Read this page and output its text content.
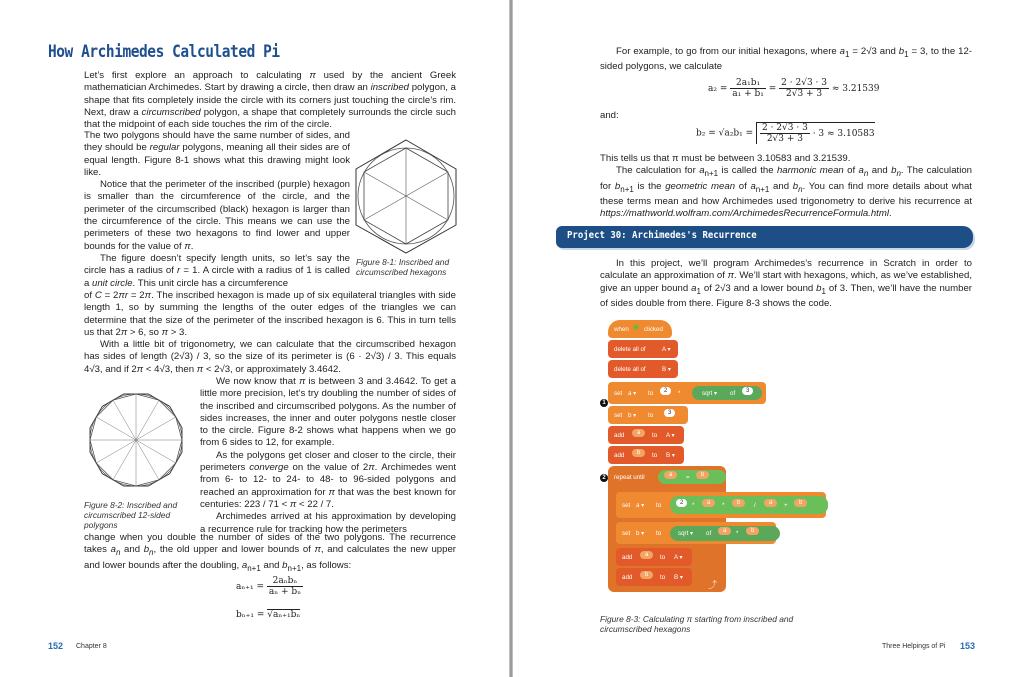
How Archimedes Calculated Pi

Let’s first explore an approach to calculating π used by the ancient Greek mathematician Archimedes. Start by drawing a circle, then draw an inscribed polygon, a shape that fits completely inside the circle with its corners just touching the circle’s rim. Next, draw a circumscribed polygon, a shape that completely surrounds the circle such that the midpoint of each side touches the rim of the circle.

The two polygons should have the same number of sides, and they should be regular polygons, meaning all their sides are of equal length. Figure 8-1 shows what this drawing might look like.

Notice that the perimeter of the inscribed (purple) hexagon is smaller than the circumference of the circle, and the perimeter of the circumscribed (black) hexagon is larger than the circumference of the circle. This means we can use the perimeters of these two hexagons to find lower and upper bounds for the value of π.

The figure doesn’t specify length units, so let’s say the circle has a radius of r = 1. A circle with a radius of 1 is called a unit circle. This unit circle has a circumference

of C = 2πr = 2π. The inscribed hexagon is made up of six equilateral triangles with side length 1, so by summing the lengths of the outer edges of the triangles we can determine that the size of the perimeter of the inscribed hexagon is 6. This in turn tells us that 2π > 6, so π > 3.

With a little bit of trigonometry, we can calculate that the circumscribed hexagon has sides of length (2√3) / 3, so the size of its perimeter is (6 · 2√3) / 3. This equals 4√3, and if 2π < 4√3, then π < 2√3, or approximately 3.4642.

We now know that π is between 3 and 3.4642. To get a little more precision, let’s try doubling the number of sides of the inscribed and circumscribed polygons. As the number of sides increases, the inner and outer polygons nestle closer to the circle. Figure 8-2 shows what happens when we go from 6 sides to 12, for example.

As the polygons get closer and closer to the circle, their perimeters converge on the value of 2π. Archimedes went from 6- to 12- to 24- to 48- to 96-sided polygons and reached an approximation for π that was the best known for centuries: 223 / 71 < π < 22 / 7.

Archimedes arrived at his approximation by developing a recurrence rule for tracking how the perimeters

change when you double the number of sides of the two polygons. The recurrence takes $a_n$ and $b_n$, the old upper and lower bounds of π, and calculates the new upper and lower bounds after the doubling, $a_{n+1}$ and $b_{n+1}$, as follows:

Figure 8-1: Inscribed and circumscribed hexagons
Figure 8-2: Inscribed and circumscribed 12-sided polygons
$a_{n+1} = \frac{\text{2aₙbₙ}}{\text{aₙ + bₙ}}$
bₙ₊₁ = √aₙ₊₁bₙ
152 Chapter 8

For example, to go from our initial hexagons, where $a_1 = 2√3$ and $b_1 = 3$, to the 12-sided polygons, we calculate

$a_2 = \frac{\text{2a₁b₁}}{\text{a₁ + b₁}} = \frac{2 \cdot 2√3 \cdot 3}{2√3 + 3} \approx 3.21539$
and:
$b_2 = √a_2b_1 = \frac{2 \cdot 2√3 \cdot 3}{2√3 + 3} \cdot 3 \approx 3.10583$

This tells us that π must be between 3.10583 and 3.21539.

The calculation for $a_{n+1}$ is called the harmonic mean of $a_n$ and $b_n$. The calculation for $b_{n+1}$ is the geometric mean of $a_{n+1}$ and $b_n$. You can find more details about what these terms mean and how Archimedes used trigonometry to derive his recurrence at https://mathworld.wolfram.com/ArchimedesRecurrenceFormula.html.

Project 30: Archimedes's Recurrence

In this project, we’ll program Archimedes’s recurrence in Scratch in order to calculate an approximation of π. We’ll start with hexagons, which, as we’ve established, give an upper bound $a_1$ of 2√3 and a lower bound $b_1$ of 3. Then, we’ll have the number of sides double from there. Figure 8-3 shows the code.

when ⚑ clicked
delete all of	A ▾
delete all of	B ▾
1
set a ▾ to	2	*	sqrt ▾ of	3
set b ▾ to	3
add	a	to A ▾
add	b	to B ▾
2	repeat until	a	=	b
⤴
set a ▾ to	2	*	a	*	b	/	a	+	b
set b ▾ to	sqrt ▾ of	a	*	b
add	a	to A ▾
add	b	to B ▾
Figure 8-3: Calculating π starting from inscribed and circumscribed hexagons
Three Helpings of Pi 153
